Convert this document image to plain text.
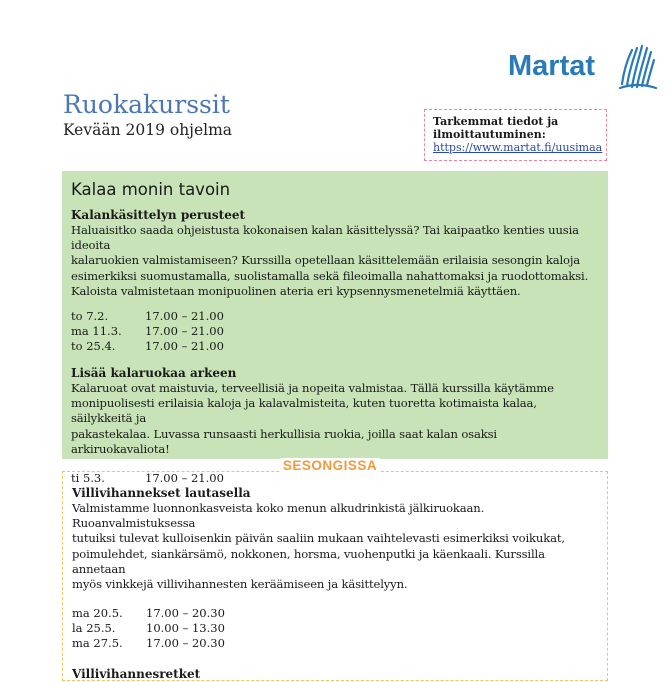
Martat
Ruokakurssit
Kevään 2019 ohjelma	Tarkemmat tiedot ja ilmoittautuminen:
https://www.martat.fi/uusimaa
Kalaa monin tavoin
Kalankäsittelyn perusteet
Haluaisitko saada ohjeistusta kokonaisen kalan käsittelyssä? Tai kaipaatko kenties uusia ideoita
kalaruokien valmistamiseen? Kurssilla opetellaan käsittelemään erilaisia sesongin kaloja
esimerkiksi suomustamalla, suolistamalla sekä fileoimalla nahattomaksi ja ruodottomaksi.
Kaloista valmistetaan monipuolinen ateria eri kypsennysmenetelmiä käyttäen.
to 7.2.	17.00 – 21.00
ma 11.3.	17.00 – 21.00
to 25.4.	17.00 – 21.00
Lisää kalaruokaa arkeen
Kalaruoat ovat maistuvia, terveellisiä ja nopeita valmistaa. Tällä kurssilla käytämme
monipuolisesti erilaisia kaloja ja kalavalmisteita, kuten tuoretta kotimaista kalaa, säilykkeitä ja
pakastekalaa. Luvassa runsaasti herkullisia ruokia, joilla saat kalan osaksi arkiruokavaliota!
ti 5.3.	17.00 – 21.00
Villivihannekset lautasella
Valmistamme luonnonkasveista koko menun alkudrinkistä jälkiruokaan. Ruoanvalmistuksessa
tutuiksi tulevat kulloisenkin päivän saaliin mukaan vaihtelevasti esimerkiksi voikukat,
poimulehdet, siankärsämö, nokkonen, horsma, vuohenputki ja käenkaali. Kurssilla annetaan
myös vinkkejä villivihannesten keräämiseen ja käsittelyyn.
ma 20.5.	17.00 – 20.30
la 25.5.	10.00 – 13.30
ma 27.5.	17.00 – 20.30
Villivihannesretket
SESONGISSA
